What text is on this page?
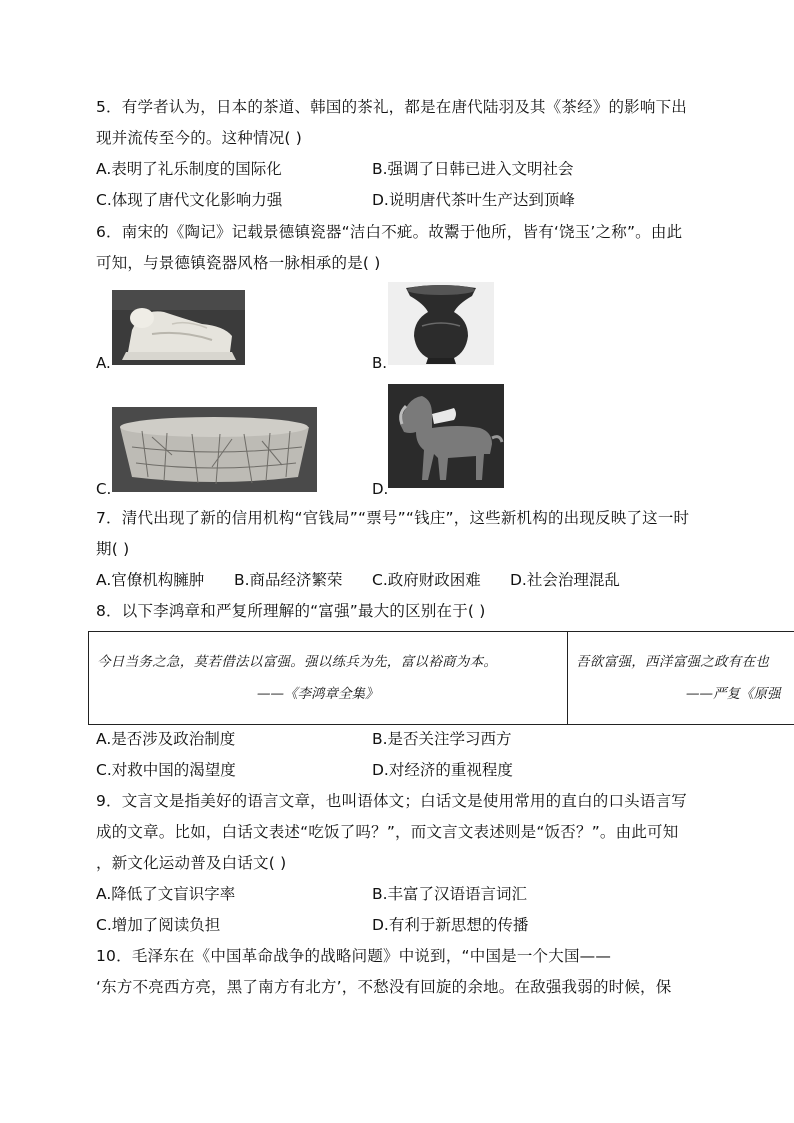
5．有学者认为，日本的茶道、韩国的茶礼，都是在唐代陆羽及其《茶经》的影响下出
现并流传至今的。这种情况( )
A.表明了礼乐制度的国际化	B.强调了日韩已进入文明社会
C.体现了唐代文化影响力强	D.说明唐代茶叶生产达到顶峰
6．南宋的《陶记》记载景德镇瓷器“洁白不疵。故鬻于他所，皆有‘饶玉’之称”。由此
可知，与景德镇瓷器风格一脉相承的是( )
A.	B.
C.	D.
7．清代出现了新的信用机构“官钱局”“票号”“钱庄”，这些新机构的出现反映了这一时
期( )
A.官僚机构臃肿 B.商品经济繁荣 C.政府财政困难 D.社会治理混乱
8．以下李鸿章和严复所理解的“富强”最大的区别在于( )
今日当务之急，莫若借法以富强。强以练兵为先，富以裕商为本。
——《李鸿章全集》
吾欲富强，西洋富强之政有在也
——严复《原强
A.是否涉及政治制度	B.是否关注学习西方
C.对救中国的渴望度	D.对经济的重视程度
9．文言文是指美好的语言文章，也叫语体文；白话文是使用常用的直白的口头语言写
成的文章。比如，白话文表述“吃饭了吗？”，而文言文表述则是“饭否？”。由此可知
，新文化运动普及白话文( )
A.降低了文盲识字率	B.丰富了汉语语言词汇
C.增加了阅读负担	D.有利于新思想的传播
10．毛泽东在《中国革命战争的战略问题》中说到，“中国是一个大国——
‘东方不亮西方亮，黑了南方有北方’，不愁没有回旋的余地。在敌强我弱的时候，保
